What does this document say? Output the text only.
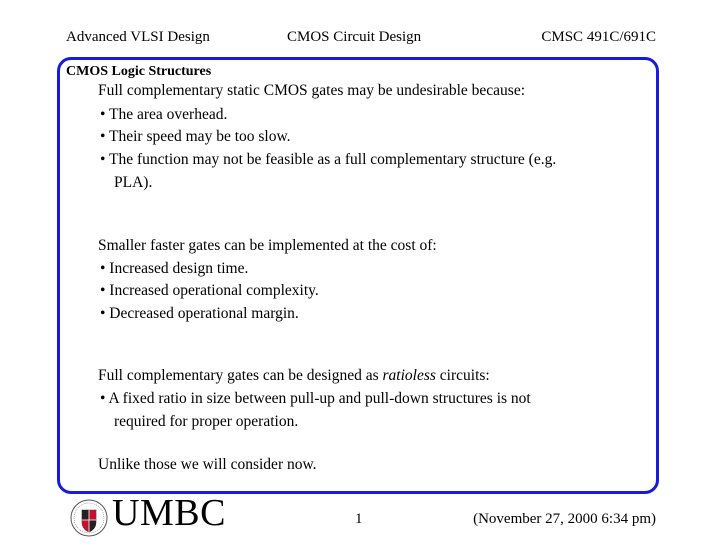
Advanced VLSI Design	CMOS Circuit Design	CMSC 491C/691C
CMOS Logic Structures
Full complementary static CMOS gates may be undesirable because:
• The area overhead.
• Their speed may be too slow.
• The function may not be feasible as a full complementary structure (e.g.
PLA).
Smaller faster gates can be implemented at the cost of:
• Increased design time.
• Increased operational complexity.
• Decreased operational margin.
Full complementary gates can be designed as ratioless circuits:
• A fixed ratio in size between pull-up and pull-down structures is not
required for proper operation.
Unlike those we will consider now.
UMBC	1	(November 27, 2000 6:34 pm)
